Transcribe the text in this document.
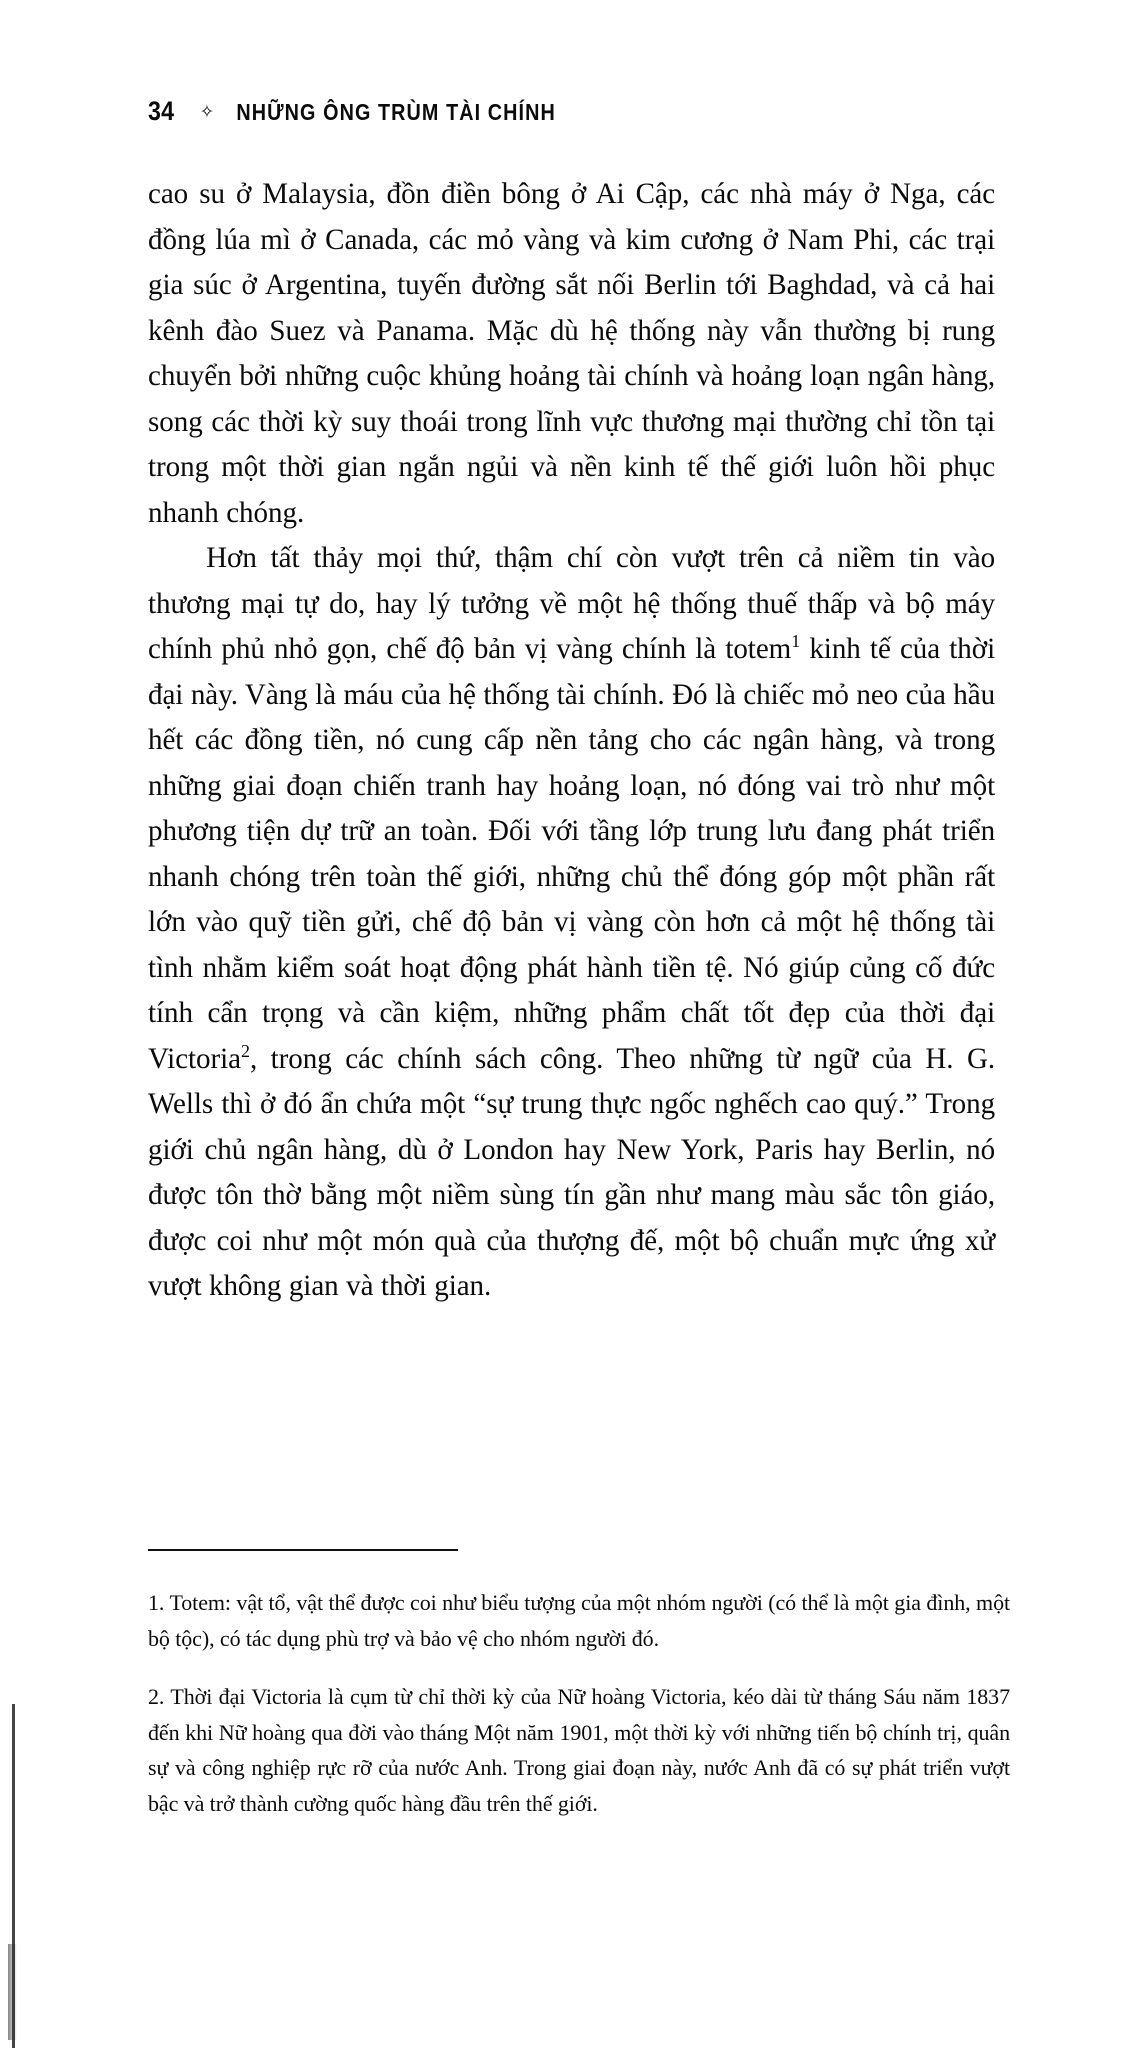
34	✧ NHỮNG ÔNG TRÙM TÀI CHÍNH

cao su ở Malaysia, đồn điền bông ở Ai Cập, các nhà máy ở Nga, các đồng lúa mì ở Canada, các mỏ vàng và kim cương ở Nam Phi, các trại gia súc ở Argentina, tuyến đường sắt nối Berlin tới Baghdad, và cả hai kênh đào Suez và Panama. Mặc dù hệ thống này vẫn thường bị rung chuyển bởi những cuộc khủng hoảng tài chính và hoảng loạn ngân hàng, song các thời kỳ suy thoái trong lĩnh vực thương mại thường chỉ tồn tại trong một thời gian ngắn ngủi và nền kinh tế thế giới luôn hồi phục nhanh chóng.

Hơn tất thảy mọi thứ, thậm chí còn vượt trên cả niềm tin vào thương mại tự do, hay lý tưởng về một hệ thống thuế thấp và bộ máy chính phủ nhỏ gọn, chế độ bản vị vàng chính là totem$^1$ kinh tế của thời đại này. Vàng là máu của hệ thống tài chính. Đó là chiếc mỏ neo của hầu hết các đồng tiền, nó cung cấp nền tảng cho các ngân hàng, và trong những giai đoạn chiến tranh hay hoảng loạn, nó đóng vai trò như một phương tiện dự trữ an toàn. Đối với tầng lớp trung lưu đang phát triển nhanh chóng trên toàn thế giới, những chủ thể đóng góp một phần rất lớn vào quỹ tiền gửi, chế độ bản vị vàng còn hơn cả một hệ thống tài tình nhằm kiểm soát hoạt động phát hành tiền tệ. Nó giúp củng cố đức tính cẩn trọng và cần kiệm, những phẩm chất tốt đẹp của thời đại Victoria$^2$, trong các chính sách công. Theo những từ ngữ của H. G. Wells thì ở đó ẩn chứa một “sự trung thực ngốc nghếch cao quý.” Trong giới chủ ngân hàng, dù ở London hay New York, Paris hay Berlin, nó được tôn thờ bằng một niềm sùng tín gần như mang màu sắc tôn giáo, được coi như một món quà của thượng đế, một bộ chuẩn mực ứng xử vượt không gian và thời gian.

1. Totem: vật tổ, vật thể được coi như biểu tượng của một nhóm người (có thể là một gia đình, một bộ tộc), có tác dụng phù trợ và bảo vệ cho nhóm người đó.

2. Thời đại Victoria là cụm từ chỉ thời kỳ của Nữ hoàng Victoria, kéo dài từ tháng Sáu năm 1837 đến khi Nữ hoàng qua đời vào tháng Một năm 1901, một thời kỳ với những tiến bộ chính trị, quân sự và công nghiệp rực rỡ của nước Anh. Trong giai đoạn này, nước Anh đã có sự phát triển vượt bậc và trở thành cường quốc hàng đầu trên thế giới.
